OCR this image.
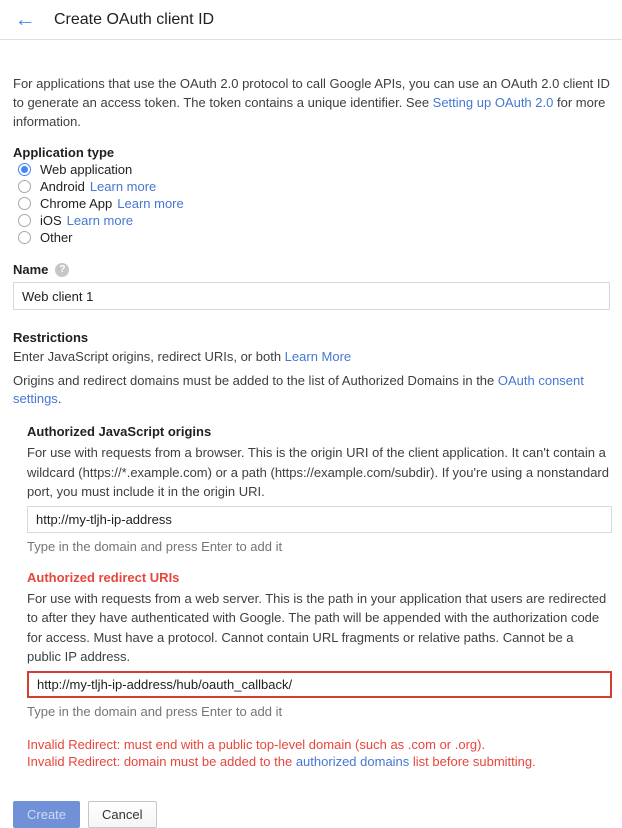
← Create OAuth client ID

For applications that use the OAuth 2.0 protocol to call Google APIs, you can use an OAuth 2.0 client ID to generate an access token. The token contains a unique identifier. See Setting up OAuth 2.0 for more information.

Application type
Web application
Android Learn more
Chrome App Learn more
iOS Learn more
Other
Name	?
Web client 1
Restrictions
Enter JavaScript origins, redirect URIs, or both Learn More
Origins and redirect domains must be added to the list of Authorized Domains in the OAuth consent settings.
Authorized JavaScript origins
For use with requests from a browser. This is the origin URI of the client application. It can't contain a wildcard (https://*.example.com) or a path (https://example.com/subdir). If you're using a nonstandard port, you must include it in the origin URI.
http://my-tljh-ip-address
Type in the domain and press Enter to add it
Authorized redirect URIs
For use with requests from a web server. This is the path in your application that users are redirected to after they have authenticated with Google. The path will be appended with the authorization code for access. Must have a protocol. Cannot contain URL fragments or relative paths. Cannot be a public IP address.
http://my-tljh-ip-address/hub/oauth_callback/
Type in the domain and press Enter to add it
Invalid Redirect: must end with a public top-level domain (such as .com or .org).
Invalid Redirect: domain must be added to the authorized domains list before submitting.
Create	Cancel
